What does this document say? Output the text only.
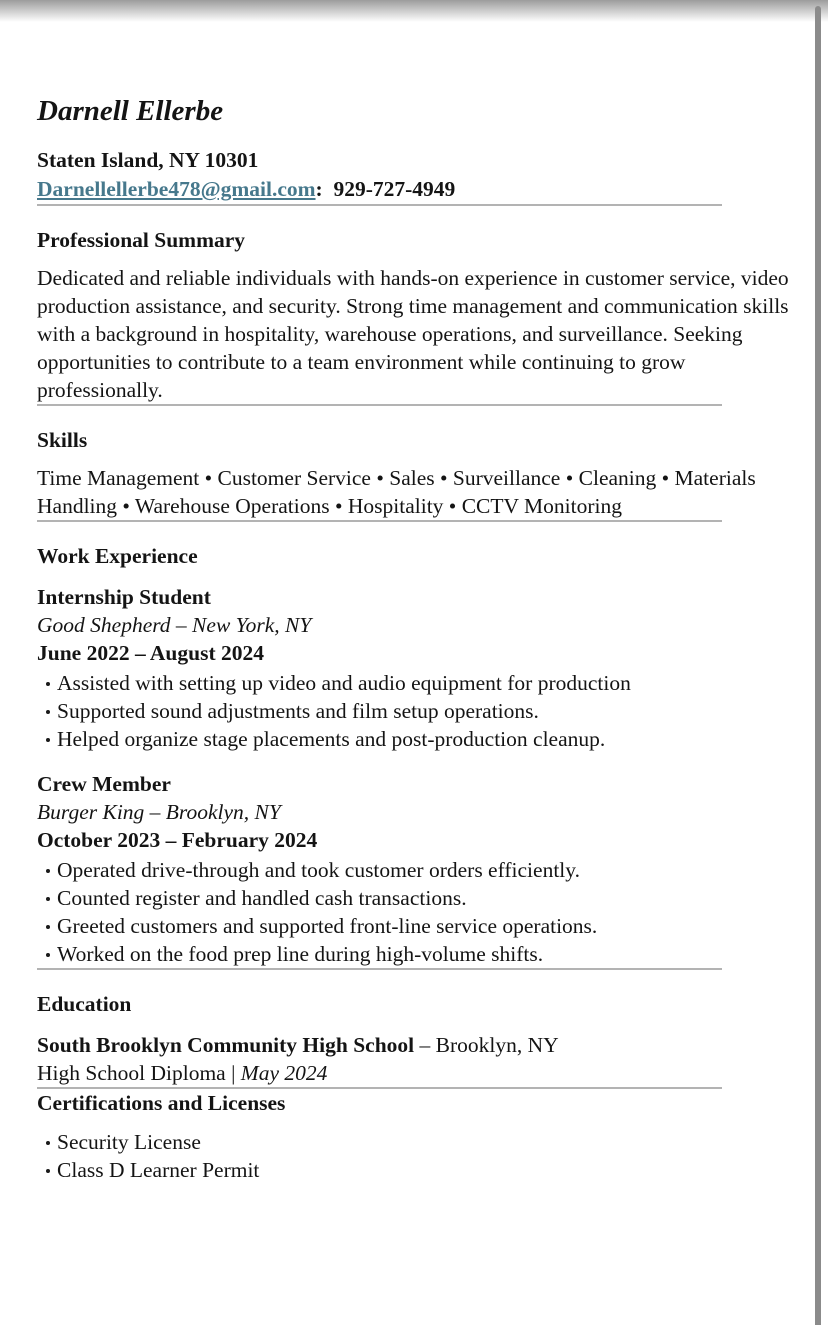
Darnell Ellerbe
Staten Island, NY 10301
Darnellellerbe478@gmail.com:  929-727-4949
Professional Summary

Dedicated and reliable individuals with hands-on experience in customer service, video production assistance, and security. Strong time management and communication skills with a background in hospitality, warehouse operations, and surveillance. Seeking opportunities to contribute to a team environment while continuing to grow professionally.

Skills

Time Management • Customer Service • Sales • Surveillance • Cleaning • Materials Handling • Warehouse Operations • Hospitality • CCTV Monitoring

Work Experience
Internship Student
Good Shepherd – New York, NY
June 2022 – August 2024
Assisted with setting up video and audio equipment for production
Supported sound adjustments and film setup operations.
Helped organize stage placements and post-production cleanup.
Crew Member
Burger King – Brooklyn, NY
October 2023 – February 2024
Operated drive-through and took customer orders efficiently.
Counted register and handled cash transactions.
Greeted customers and supported front-line service operations.
Worked on the food prep line during high-volume shifts.
Education
South Brooklyn Community High School – Brooklyn, NY
High School Diploma | May 2024
Certifications and Licenses
Security License
Class D Learner Permit
